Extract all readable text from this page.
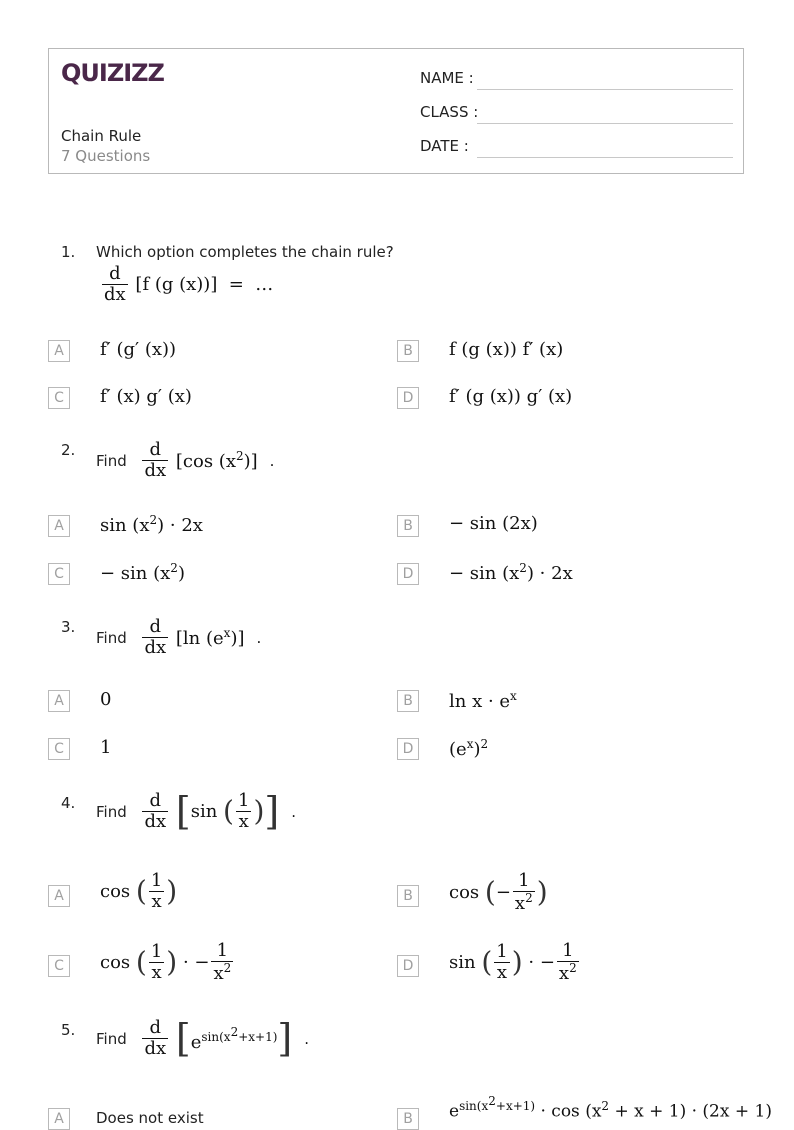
QUIZIZZ
Chain Rule
7 Questions
NAME :
CLASS :
DATE :
1. Which option completes the chain rule?
$\frac{d}{dx} [f$ (g (x))]  =  …
A	f′ (g′ (x))	B	f (g (x)) f′ (x)
C	f′ (x) g′ (x)	D	f′ (g (x)) g′ (x)
2.
Find $\frac{d}{dx} [\cos$ $(x^2)$] .
A	$\sin (x^2) \cdot 2x$	B	− sin (2x)
C	− $\sin (x^2)$	D	− $\sin (x^2) \cdot 2x$
3.
Find $\frac{d}{dx} [\ln$ $(e^x)$] .
A	0	B	$\ln x \cdot e^x$
C	1	D	$(e^x)^2$
4. Find $\frac{d}{dx} [\sin$ ( $\frac{1}{x}$ )] .
A	cos ( $\frac{1}{x}$ )	B	cos (− $\frac{1}{x^2}$ )
C	cos ( $\frac{1}{x}$ ) · − $\frac{1}{x^2}$	D	sin ( $\frac{1}{x}$ ) · − $\frac{1}{x^2}$
5. Find $\frac{d}{dx} [e^{sin(x^2+x+1)}]$ .
A	Does not exist	B	$e^{sin(x^2+x+1)} \cdot \cos (x^2 + x + 1) \cdot (2x + 1)$
